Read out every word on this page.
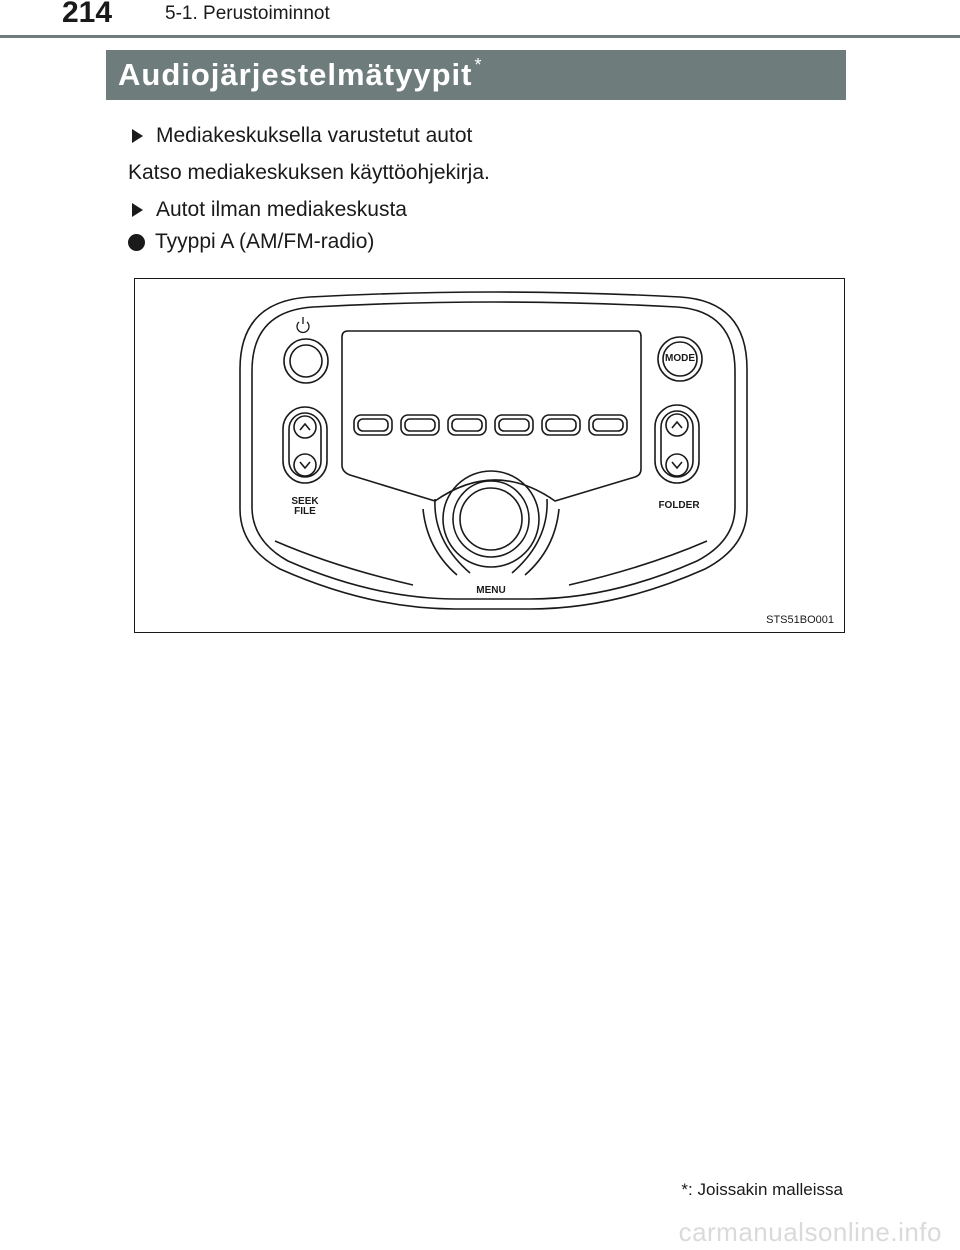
214	5-1. Perustoiminnot
Audiojärjestelmätyypit *
Mediakeskuksella varustetut autot
Katso mediakeskuksen käyttöohjekirja.
Autot ilman mediakeskusta
Tyyppi A (AM/FM-radio)
MODE
SEEK
FILE
FOLDER
MENU
STS51BO001
*: Joissakin malleissa
carmanualsonline.info
